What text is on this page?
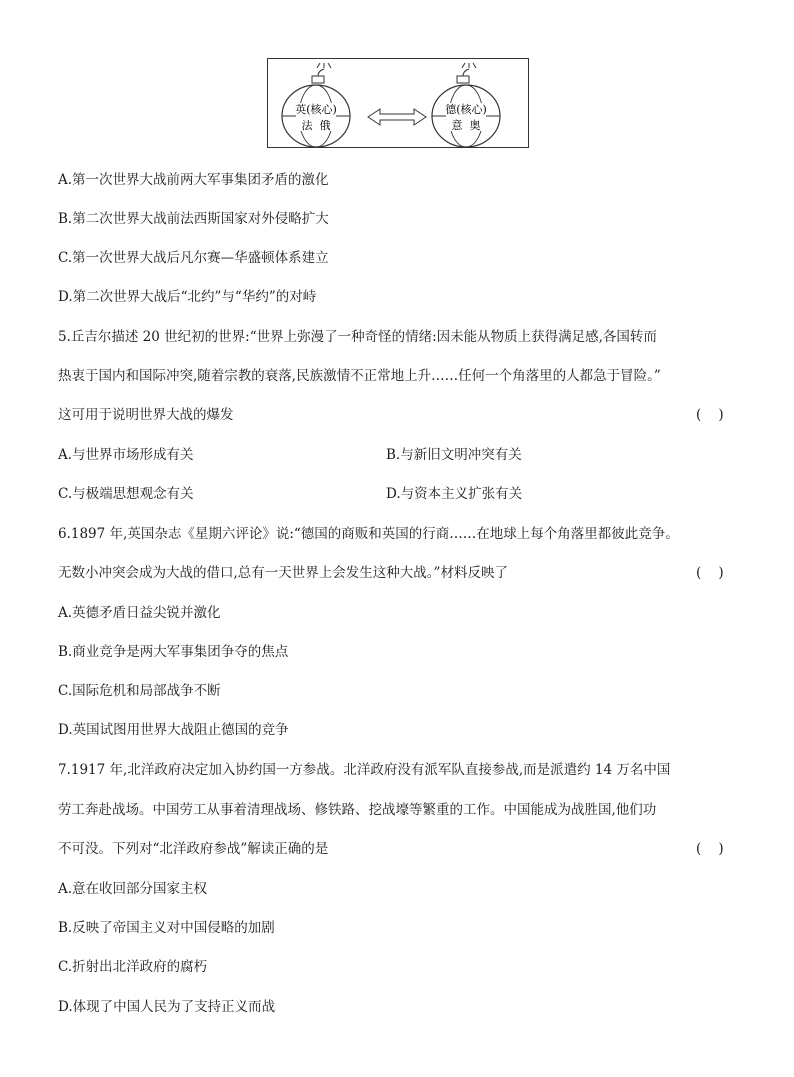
英(核心)
法  俄
德(核心)
意  奥
A.第一次世界大战前两大军事集团矛盾的激化
B.第二次世界大战前法西斯国家对外侵略扩大
C.第一次世界大战后凡尔赛—华盛顿体系建立
D.第二次世界大战后“北约”与“华约”的对峙
5.丘吉尔描述 20 世纪初的世界:“世界上弥漫了一种奇怪的情绪:因未能从物质上获得满足感,各国转而
热衷于国内和国际冲突,随着宗教的衰落,民族激情不正常地上升……任何一个角落里的人都急于冒险。”
这可用于说明世界大战的爆发	(    )
A.与世界市场形成有关	B.与新旧文明冲突有关
C.与极端思想观念有关	D.与资本主义扩张有关
6.1897 年,英国杂志《星期六评论》说:“德国的商贩和英国的行商……在地球上每个角落里都彼此竞争。
无数小冲突会成为大战的借口,总有一天世界上会发生这种大战。”材料反映了	(    )
A.英德矛盾日益尖锐并激化
B.商业竞争是两大军事集团争夺的焦点
C.国际危机和局部战争不断
D.英国试图用世界大战阻止德国的竞争
7.1917 年,北洋政府决定加入协约国一方参战。北洋政府没有派军队直接参战,而是派遣约 14 万名中国
劳工奔赴战场。中国劳工从事着清理战场、修铁路、挖战壕等繁重的工作。中国能成为战胜国,他们功
不可没。下列对“北洋政府参战”解读正确的是	(    )
A.意在收回部分国家主权
B.反映了帝国主义对中国侵略的加剧
C.折射出北洋政府的腐朽
D.体现了中国人民为了支持正义而战
